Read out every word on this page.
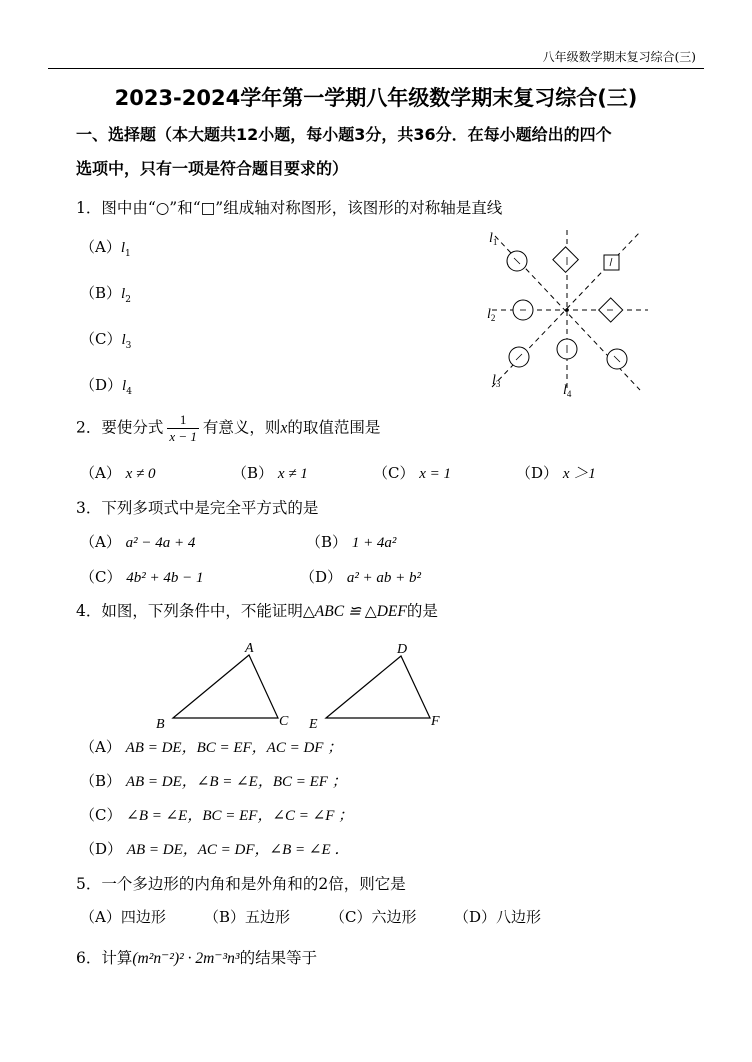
八年级数学期末复习综合(三)
2023-2024学年第一学期八年级数学期末复习综合(三)
一、选择题（本大题共12小题，每小题3分，共36分．在每小题给出的四个
选项中，只有一项是符合题目要求的）
1．图中由“○”和“□”组成轴对称图形，该图形的对称轴是直线
$(A)l_1$
$(B)l_2$
$(C)l_3$
$(D)l_4$
$l_1$
$l_2$
$l_3$	$l_4$
2．要使分式 $\frac{1}{x - 1}$ 有意义，则x的取值范围是
（A） x ≠ 0	（B） x ≠ 1	（C） x = 1	（D） x ＞1
3．下列多项式中是完全平方式的是
（A） a² − 4a + 4	（B） 1 + 4a²
（C） 4b² + 4b − 1	（D） a² + ab + b²
4．如图，下列条件中，不能证明△ABC ≌ △DEF的是
A
B	C
D
E	F
（A） AB = DE，BC = EF，AC = DF ；
（B） AB = DE，∠B = ∠E，BC = EF ；
（C） ∠B = ∠E，BC = EF，∠C = ∠F ；
（D） AB = DE，AC = DF，∠B = ∠E ．
5．一个多边形的内角和是外角和的2倍，则它是
（A）四边形	（B）五边形	（C）六边形	（D）八边形
6．计算(m²n⁻²)² · 2m⁻³n³的结果等于
